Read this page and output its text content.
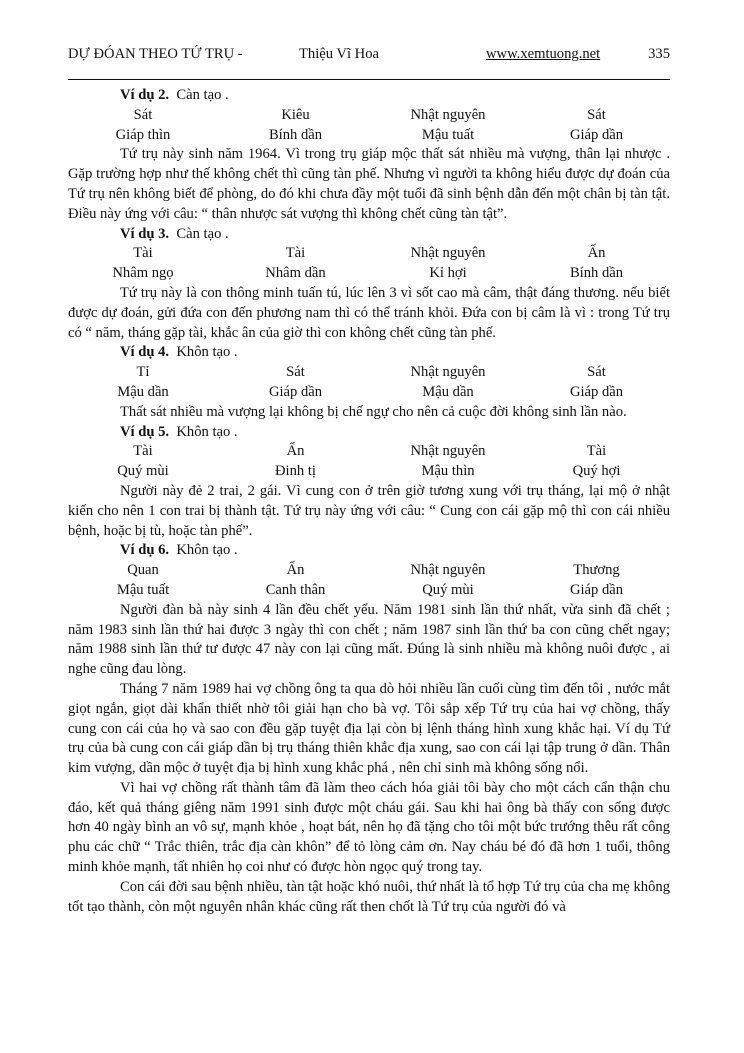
DỰ ĐÓAN THEO TỨ TRỤ -	Thiệu Vĩ Hoa	www.xemtuong.net	335
Ví dụ 2. Càn tạo .
Sát	Kiêu	Nhật nguyên	Sát
Giáp thìn	Bính dần	Mậu tuất	Giáp dần

Tứ trụ này sinh năm 1964. Vì trong trụ giáp mộc thất sát nhiều mà vượng, thân lại nhược . Gặp trường hợp như thế không chết thì cũng tàn phế. Nhưng vì người ta không hiểu được dự đoán của Tứ trụ nên không biết để phòng, do đó khi chưa đầy một tuổi đã sinh bệnh dẫn đến một chân bị tàn tật. Điều này ứng với câu: “ thân nhược sát vượng thì không chết cũng tàn tật”.

Ví dụ 3. Càn tạo .
Tài	Tài	Nhật nguyên	Ấn
Nhâm ngọ	Nhâm dần	Kỉ hợi	Bính dần

Tứ trụ này là con thông minh tuấn tú, lúc lên 3 vì sốt cao mà câm, thật đáng thương. nếu biết được dự đoán, gửi đứa con đến phương nam thì có thể tránh khỏi. Đứa con bị câm là vì : trong Tứ trụ có “ năm, tháng gặp tài, khắc ân của giờ thì con không chết cũng tàn phế.

Ví dụ 4. Khôn tạo .
Tỉ	Sát	Nhật nguyên	Sát
Mậu dần	Giáp dần	Mậu dần	Giáp dần

Thất sát nhiều mà vượng lại không bị chế ngự cho nên cả cuộc đời không sinh lần nào.

Ví dụ 5. Khôn tạo .
Tài	Ấn	Nhật nguyên	Tài
Quý mùi	Đinh tị	Mậu thìn	Quý hợi

Người này đẻ 2 trai, 2 gái. Vì cung con ở trên giờ tương xung với trụ tháng, lại mộ ở nhật kiến cho nên 1 con trai bị thành tật. Tứ trụ này ứng với câu: “ Cung con cái gặp mộ thì con cái nhiều bệnh, hoặc bị tù, hoặc tàn phế”.

Ví dụ 6. Khôn tạo .
Quan	Ấn	Nhật nguyên	Thương
Mậu tuất	Canh thân	Quý mùi	Giáp dần

Người đàn bà này sinh 4 lần đều chết yểu. Năm 1981 sinh lần thứ nhất, vừa sinh đã chết ; năm 1983 sinh lần thứ hai được 3 ngày thì con chết ; năm 1987 sinh lần thứ ba con cũng chết ngay; năm 1988 sinh lần thứ tư được 47 này con lại cũng mất. Đúng là sinh nhiều mà không nuôi được , ai nghe cũng đau lòng.

Tháng 7 năm 1989 hai vợ chồng ông ta qua dò hỏi nhiều lần cuối cùng tìm đến tôi , nước mắt giọt ngắn, giọt dài khẩn thiết nhờ tôi giải hạn cho bà vợ. Tôi sắp xếp Tứ trụ của hai vợ chồng, thấy cung con cái của họ và sao con đều gặp tuyệt địa lại còn bị lệnh tháng hình xung khắc hại. Ví dụ Tứ trụ của bà cung con cái giáp dần bị trụ tháng thiên khắc địa xung, sao con cái lại tập trung ở dần. Thân kim vượng, dần mộc ở tuyệt địa bị hình xung khắc phá , nên chỉ sinh mà không sống nổi.

Vì hai vợ chồng rất thành tâm đã làm theo cách hóa giải tôi bày cho một cách cẩn thận chu đáo, kết quả tháng giêng năm 1991 sinh được một cháu gái. Sau khi hai ông bà thấy con sống được hơn 40 ngày bình an vô sự, mạnh khỏe , hoạt bát, nên họ đã tặng cho tôi một bức trướng thêu rất công phu các chữ “ Trắc thiên, trắc địa càn khôn” để tỏ lòng cảm ơn. Nay cháu bé đó đã hơn 1 tuổi, thông minh khỏe mạnh, tất nhiên họ coi như có được hòn ngọc quý trong tay.

Con cái đời sau bệnh nhiều, tàn tật hoặc khó nuôi, thứ nhất là tổ hợp Tứ trụ của cha mẹ không tốt tạo thành, còn một nguyên nhân khác cũng rất then chốt là Tứ trụ của người đó và
